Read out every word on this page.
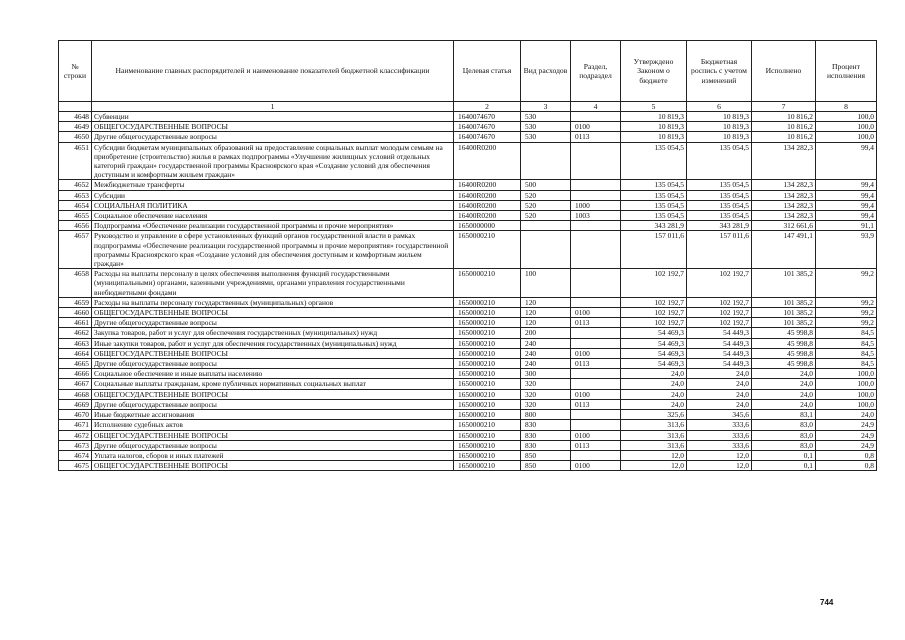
№ строки	Наименование главных распорядителей и наименование показателей бюджетной классификации	Целевая статья	Вид расходов	Раздел, подраздел	Утверждено Законом о бюджете	Бюджетная роспись с учетом изменений	Исполнено	Процент исполнения
	1	2	3	4	5	6	7	8
4648	Субвенции	1640074670	530		10 819,3	10 819,3	10 816,2	100,0
4649	ОБЩЕГОСУДАРСТВЕННЫЕ ВОПРОСЫ	1640074670	530	0100	10 819,3	10 819,3	10 816,2	100,0
4650	Другие общегосударственные вопросы	1640074670	530	0113	10 819,3	10 819,3	10 816,2	100,0
4651	Субсидии бюджетам муниципальных образований на предоставление социальных выплат молодым семьям на приобретение (строительство) жилья в рамках подпрограммы «Улучшение жилищных условий отдельных категорий граждан» государственной программы Красноярского края «Создание условий для обеспечения доступным и комфортным жильем граждан»	16400R0200			135 054,5	135 054,5	134 282,3	99,4
4652	Межбюджетные трансферты	16400R0200	500		135 054,5	135 054,5	134 282,3	99,4
4653	Субсидии	16400R0200	520		135 054,5	135 054,5	134 282,3	99,4
4654	СОЦИАЛЬНАЯ ПОЛИТИКА	16400R0200	520	1000	135 054,5	135 054,5	134 282,3	99,4
4655	Социальное обеспечение населения	16400R0200	520	1003	135 054,5	135 054,5	134 282,3	99,4
4656	Подпрограмма «Обеспечение реализации государственной программы и прочие мероприятия»	1650000000			343 281,9	343 281,9	312 661,6	91,1
4657	Руководство и управление в сфере установленных функций органов государственной власти в рамках подпрограммы «Обеспечение реализации государственной программы и прочие мероприятия» государственной программы Красноярского края «Создание условий для обеспечения доступным и комфортным жильем граждан»	1650000210			157 011,6	157 011,6	147 491,1	93,9
4658	Расходы на выплаты персоналу в целях обеспечения выполнения функций государственными (муниципальными) органами, казенными учреждениями, органами управления государственными внебюджетными фондами	1650000210	100		102 192,7	102 192,7	101 385,2	99,2
4659	Расходы на выплаты персоналу государственных (муниципальных) органов	1650000210	120		102 192,7	102 192,7	101 385,2	99,2
4660	ОБЩЕГОСУДАРСТВЕННЫЕ ВОПРОСЫ	1650000210	120	0100	102 192,7	102 192,7	101 385,2	99,2
4661	Другие общегосударственные вопросы	1650000210	120	0113	102 192,7	102 192,7	101 385,2	99,2
4662	Закупка товаров, работ и услуг для обеспечения государственных (муниципальных) нужд	1650000210	200		54 469,3	54 449,3	45 998,8	84,5
4663	Иные закупки товаров, работ и услуг для обеспечения государственных (муниципальных) нужд	1650000210	240		54 469,3	54 449,3	45 998,8	84,5
4664	ОБЩЕГОСУДАРСТВЕННЫЕ ВОПРОСЫ	1650000210	240	0100	54 469,3	54 449,3	45 998,8	84,5
4665	Другие общегосударственные вопросы	1650000210	240	0113	54 469,3	54 449,3	45 998,8	84,5
4666	Социальное обеспечение и иные выплаты населению	1650000210	300		24,0	24,0	24,0	100,0
4667	Социальные выплаты гражданам, кроме публичных нормативных социальных выплат	1650000210	320		24,0	24,0	24,0	100,0
4668	ОБЩЕГОСУДАРСТВЕННЫЕ ВОПРОСЫ	1650000210	320	0100	24,0	24,0	24,0	100,0
4669	Другие общегосударственные вопросы	1650000210	320	0113	24,0	24,0	24,0	100,0
4670	Иные бюджетные ассигнования	1650000210	800		325,6	345,6	83,1	24,0
4671	Исполнение судебных актов	1650000210	830		313,6	333,6	83,0	24,9
4672	ОБЩЕГОСУДАРСТВЕННЫЕ ВОПРОСЫ	1650000210	830	0100	313,6	333,6	83,0	24,9
4673	Другие общегосударственные вопросы	1650000210	830	0113	313,6	333,6	83,0	24,9
4674	Уплата налогов, сборов и иных платежей	1650000210	850		12,0	12,0	0,1	0,8
4675	ОБЩЕГОСУДАРСТВЕННЫЕ ВОПРОСЫ	1650000210	850	0100	12,0	12,0	0,1	0,8
744
